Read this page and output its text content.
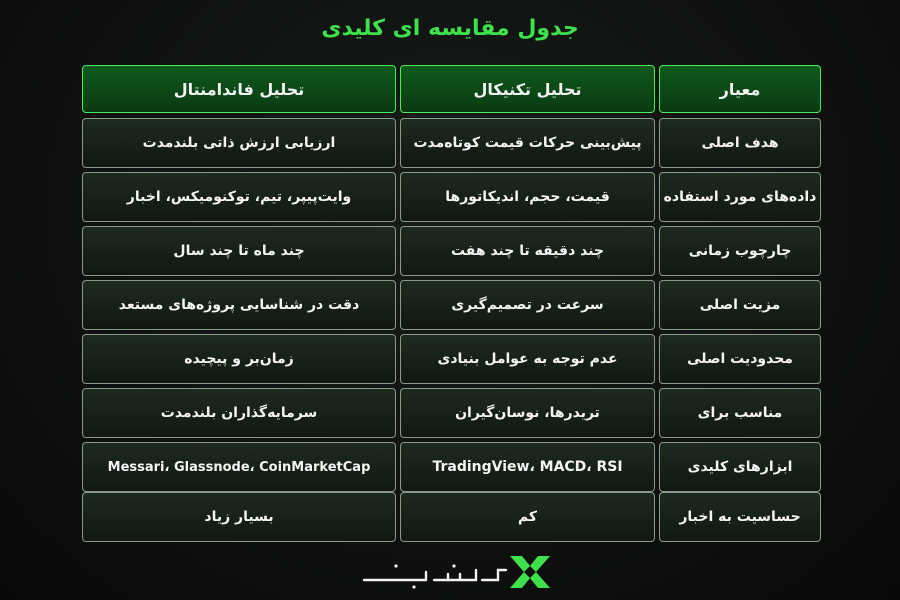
جدول مقایسه ای کلیدی
معیار
تحلیل تکنیکال
تحلیل فاندامنتال
هدف اصلی
پیش‌بینی حرکات قیمت کوتاه‌مدت
ارزیابی ارزش ذاتی بلندمدت
داده‌های مورد استفاده
قیمت، حجم، اندیکاتورها
وایت‌پیپر، تیم، توکنومیکس، اخبار
چارچوب زمانی
چند دقیقه تا چند هفت
چند ماه تا چند سال
مزیت اصلی
سرعت در تصمیم‌گیری
دقت در شناسایی پروژه‌های مستعد
محدودیت اصلی
عدم توجه به عوامل بنیادی
زمان‌بر و پیچیده
مناسب برای
تریدرها، نوسان‌گیران
سرمایه‌گذاران بلندمدت
ابزارهای کلیدی
TradingView، MACD، RSI
Messari، Glassnode، CoinMarketCap
حساسیت به اخبار
کم
بسیار زیاد
